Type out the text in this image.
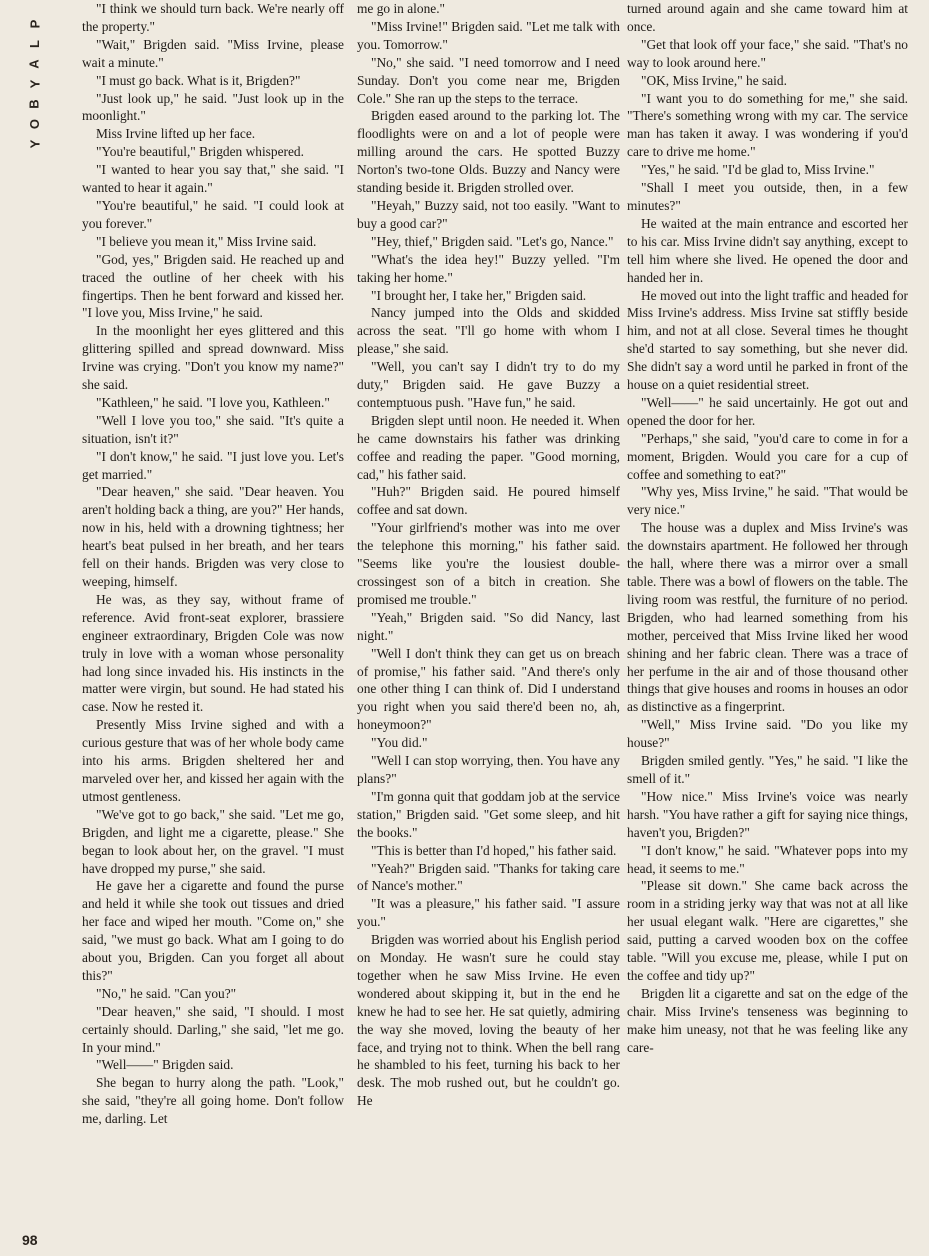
P
L
A
Y
B
O
Y
98

"I think we should turn back. We're nearly off the property."

"Wait," Brigden said. "Miss Irvine, please wait a minute."

"I must go back. What is it, Brigden?"

"Just look up," he said. "Just look up in the moonlight."

Miss Irvine lifted up her face.

"You're beautiful," Brigden whispered.

"I wanted to hear you say that," she said. "I wanted to hear it again."

"You're beautiful," he said. "I could look at you forever."

"I believe you mean it," Miss Irvine said.

"God, yes," Brigden said. He reached up and traced the outline of her cheek with his fingertips. Then he bent forward and kissed her. "I love you, Miss Irvine," he said.

In the moonlight her eyes glittered and this glittering spilled and spread downward. Miss Irvine was crying. "Don't you know my name?" she said.

"Kathleen," he said. "I love you, Kathleen."

"Well I love you too," she said. "It's quite a situation, isn't it?"

"I don't know," he said. "I just love you. Let's get married."

"Dear heaven," she said. "Dear heaven. You aren't holding back a thing, are you?" Her hands, now in his, held with a drowning tightness; her heart's beat pulsed in her breath, and her tears fell on their hands. Brigden was very close to weeping, himself.

He was, as they say, without frame of reference. Avid front-seat explorer, brassiere engineer extraordinary, Brigden Cole was now truly in love with a woman whose personality had long since invaded his. His instincts in the matter were virgin, but sound. He had stated his case. Now he rested it.

Presently Miss Irvine sighed and with a curious gesture that was of her whole body came into his arms. Brigden sheltered her and marveled over her, and kissed her again with the utmost gentleness.

"We've got to go back," she said. "Let me go, Brigden, and light me a cigarette, please." She began to look about her, on the gravel. "I must have dropped my purse," she said.

He gave her a cigarette and found the purse and held it while she took out tissues and dried her face and wiped her mouth. "Come on," she said, "we must go back. What am I going to do about you, Brigden. Can you forget all about this?"

"No," he said. "Can you?"

"Dear heaven," she said, "I should. I most certainly should. Darling," she said, "let me go. In your mind."

"Well——" Brigden said.

She began to hurry along the path. "Look," she said, "they're all going home. Don't follow me, darling. Let

me go in alone."

"Miss Irvine!" Brigden said. "Let me talk with you. Tomorrow."

"No," she said. "I need tomorrow and I need Sunday. Don't you come near me, Brigden Cole." She ran up the steps to the terrace.

Brigden eased around to the parking lot. The floodlights were on and a lot of people were milling around the cars. He spotted Buzzy Norton's two-tone Olds. Buzzy and Nancy were standing beside it. Brigden strolled over.

"Heyah," Buzzy said, not too easily. "Want to buy a good car?"

"Hey, thief," Brigden said. "Let's go, Nance."

"What's the idea hey!" Buzzy yelled. "I'm taking her home."

"I brought her, I take her," Brigden said.

Nancy jumped into the Olds and skidded across the seat. "I'll go home with whom I please," she said.

"Well, you can't say I didn't try to do my duty," Brigden said. He gave Buzzy a contemptuous push. "Have fun," he said.

Brigden slept until noon. He needed it. When he came downstairs his father was drinking coffee and reading the paper. "Good morning, cad," his father said.

"Huh?" Brigden said. He poured himself coffee and sat down.

"Your girlfriend's mother was into me over the telephone this morning," his father said. "Seems like you're the lousiest double-crossingest son of a bitch in creation. She promised me trouble."

"Yeah," Brigden said. "So did Nancy, last night."

"Well I don't think they can get us on breach of promise," his father said. "And there's only one other thing I can think of. Did I understand you right when you said there'd been no, ah, honeymoon?"

"You did."

"Well I can stop worrying, then. You have any plans?"

"I'm gonna quit that goddam job at the service station," Brigden said. "Get some sleep, and hit the books."

"This is better than I'd hoped," his father said.

"Yeah?" Brigden said. "Thanks for taking care of Nance's mother."

"It was a pleasure," his father said. "I assure you."

Brigden was worried about his English period on Monday. He wasn't sure he could stay together when he saw Miss Irvine. He even wondered about skipping it, but in the end he knew he had to see her. He sat quietly, admiring the way she moved, loving the beauty of her face, and trying not to think. When the bell rang he shambled to his feet, turning his back to her desk. The mob rushed out, but he couldn't go. He

turned around again and she came toward him at once.

"Get that look off your face," she said. "That's no way to look around here."

"OK, Miss Irvine," he said.

"I want you to do something for me," she said. "There's something wrong with my car. The service man has taken it away. I was wondering if you'd care to drive me home."

"Yes," he said. "I'd be glad to, Miss Irvine."

"Shall I meet you outside, then, in a few minutes?"

He waited at the main entrance and escorted her to his car. Miss Irvine didn't say anything, except to tell him where she lived. He opened the door and handed her in.

He moved out into the light traffic and headed for Miss Irvine's address. Miss Irvine sat stiffly beside him, and not at all close. Several times he thought she'd started to say something, but she never did. She didn't say a word until he parked in front of the house on a quiet residential street.

"Well——" he said uncertainly. He got out and opened the door for her.

"Perhaps," she said, "you'd care to come in for a moment, Brigden. Would you care for a cup of coffee and something to eat?"

"Why yes, Miss Irvine," he said. "That would be very nice."

The house was a duplex and Miss Irvine's was the downstairs apartment. He followed her through the hall, where there was a mirror over a small table. There was a bowl of flowers on the table. The living room was restful, the furniture of no period. Brigden, who had learned something from his mother, perceived that Miss Irvine liked her wood shining and her fabric clean. There was a trace of her perfume in the air and of those thousand other things that give houses and rooms in houses an odor as distinctive as a fingerprint.

"Well," Miss Irvine said. "Do you like my house?"

Brigden smiled gently. "Yes," he said. "I like the smell of it."

"How nice." Miss Irvine's voice was nearly harsh. "You have rather a gift for saying nice things, haven't you, Brigden?"

"I don't know," he said. "Whatever pops into my head, it seems to me."

"Please sit down." She came back across the room in a striding jerky way that was not at all like her usual elegant walk. "Here are cigarettes," she said, putting a carved wooden box on the coffee table. "Will you excuse me, please, while I put on the coffee and tidy up?"

Brigden lit a cigarette and sat on the edge of the chair. Miss Irvine's tenseness was beginning to make him uneasy, not that he was feeling like any care-
